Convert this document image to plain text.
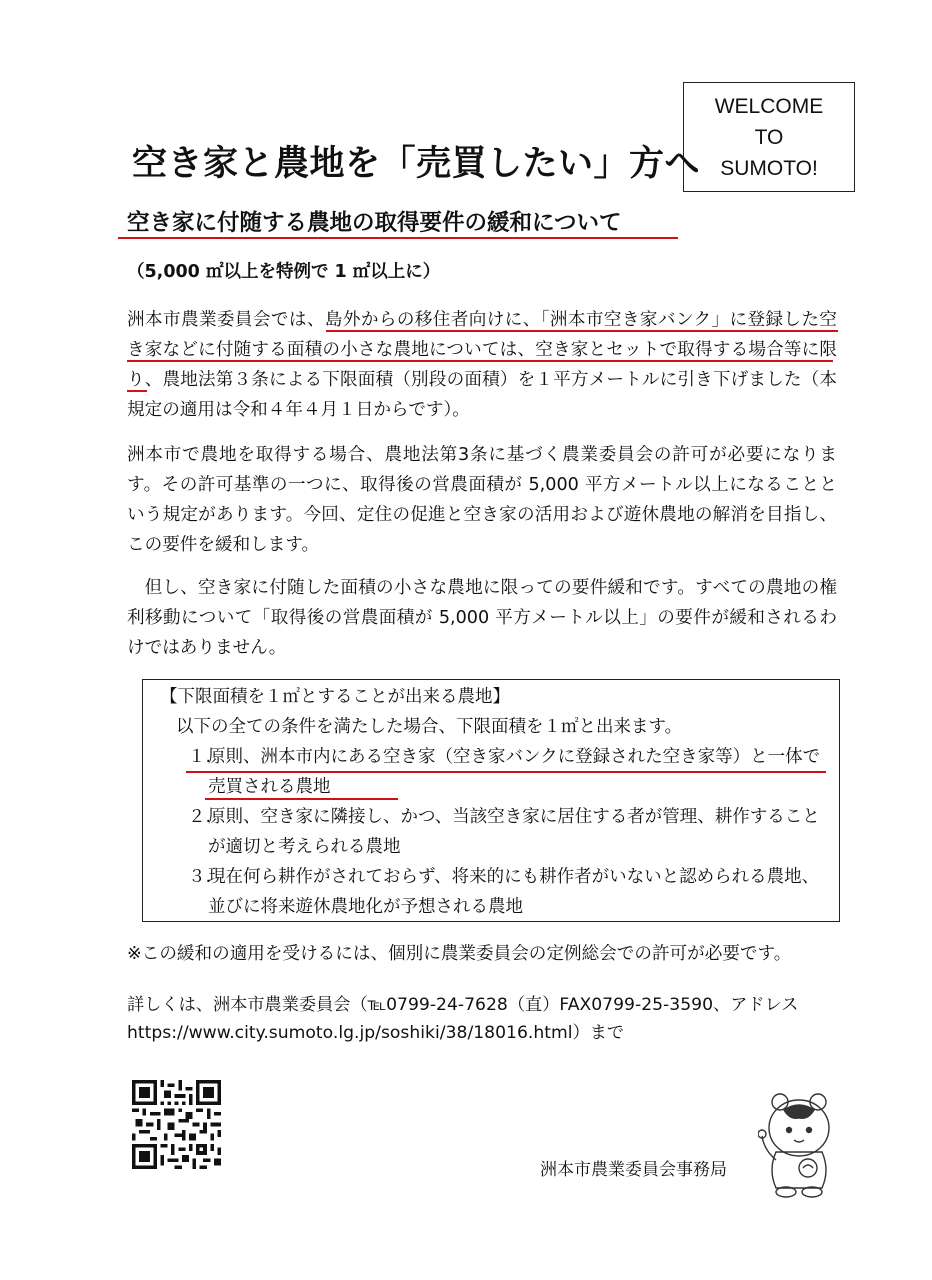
WELCOME
TO
SUMOTO!
空き家と農地を「売買したい」方へ
空き家に付随する農地の取得要件の緩和について
（5,000 ㎡以上を特例で 1 ㎡以上に）
洲本市農業委員会では、島外からの移住者向けに、「洲本市空き家バンク」に登録した空き家などに付随する面積の小さな農地については、空き家とセットで取得する場合等に限り、農地法第３条による下限面積（別段の面積）を１平方メートルに引き下げました（本規定の適用は令和４年４月１日からです）。
洲本市で農地を取得する場合、農地法第3条に基づく農業委員会の許可が必要になります。その許可基準の一つに、取得後の営農面積が 5,000 平方メートル以上になることという規定があります。今回、定住の促進と空き家の活用および遊休農地の解消を目指し、この要件を緩和します。
但し、空き家に付随した面積の小さな農地に限っての要件緩和です。すべての農地の権利移動について「取得後の営農面積が 5,000 平方メートル以上」の要件が緩和されるわけではありません。
【下限面積を１㎡とすることが出来る農地】
以下の全ての条件を満たした場合、下限面積を１㎡と出来ます。
１.
原則、洲本市内にある空き家（空き家バンクに登録された空き家等）と一体で売買される農地
２.
原則、空き家に隣接し、かつ、当該空き家に居住する者が管理、耕作することが適切と考えられる農地
３.
現在何ら耕作がされておらず、将来的にも耕作者がいないと認められる農地、並びに将来遊休農地化が予想される農地
※この緩和の適用を受けるには、個別に農業委員会の定例総会での許可が必要です。
詳しくは、洲本市農業委員会（℡0799-24-7628（直）FAX0799-25-3590、アドレス
https://www.city.sumoto.lg.jp/soshiki/38/18016.html）まで
洲本市農業委員会事務局
